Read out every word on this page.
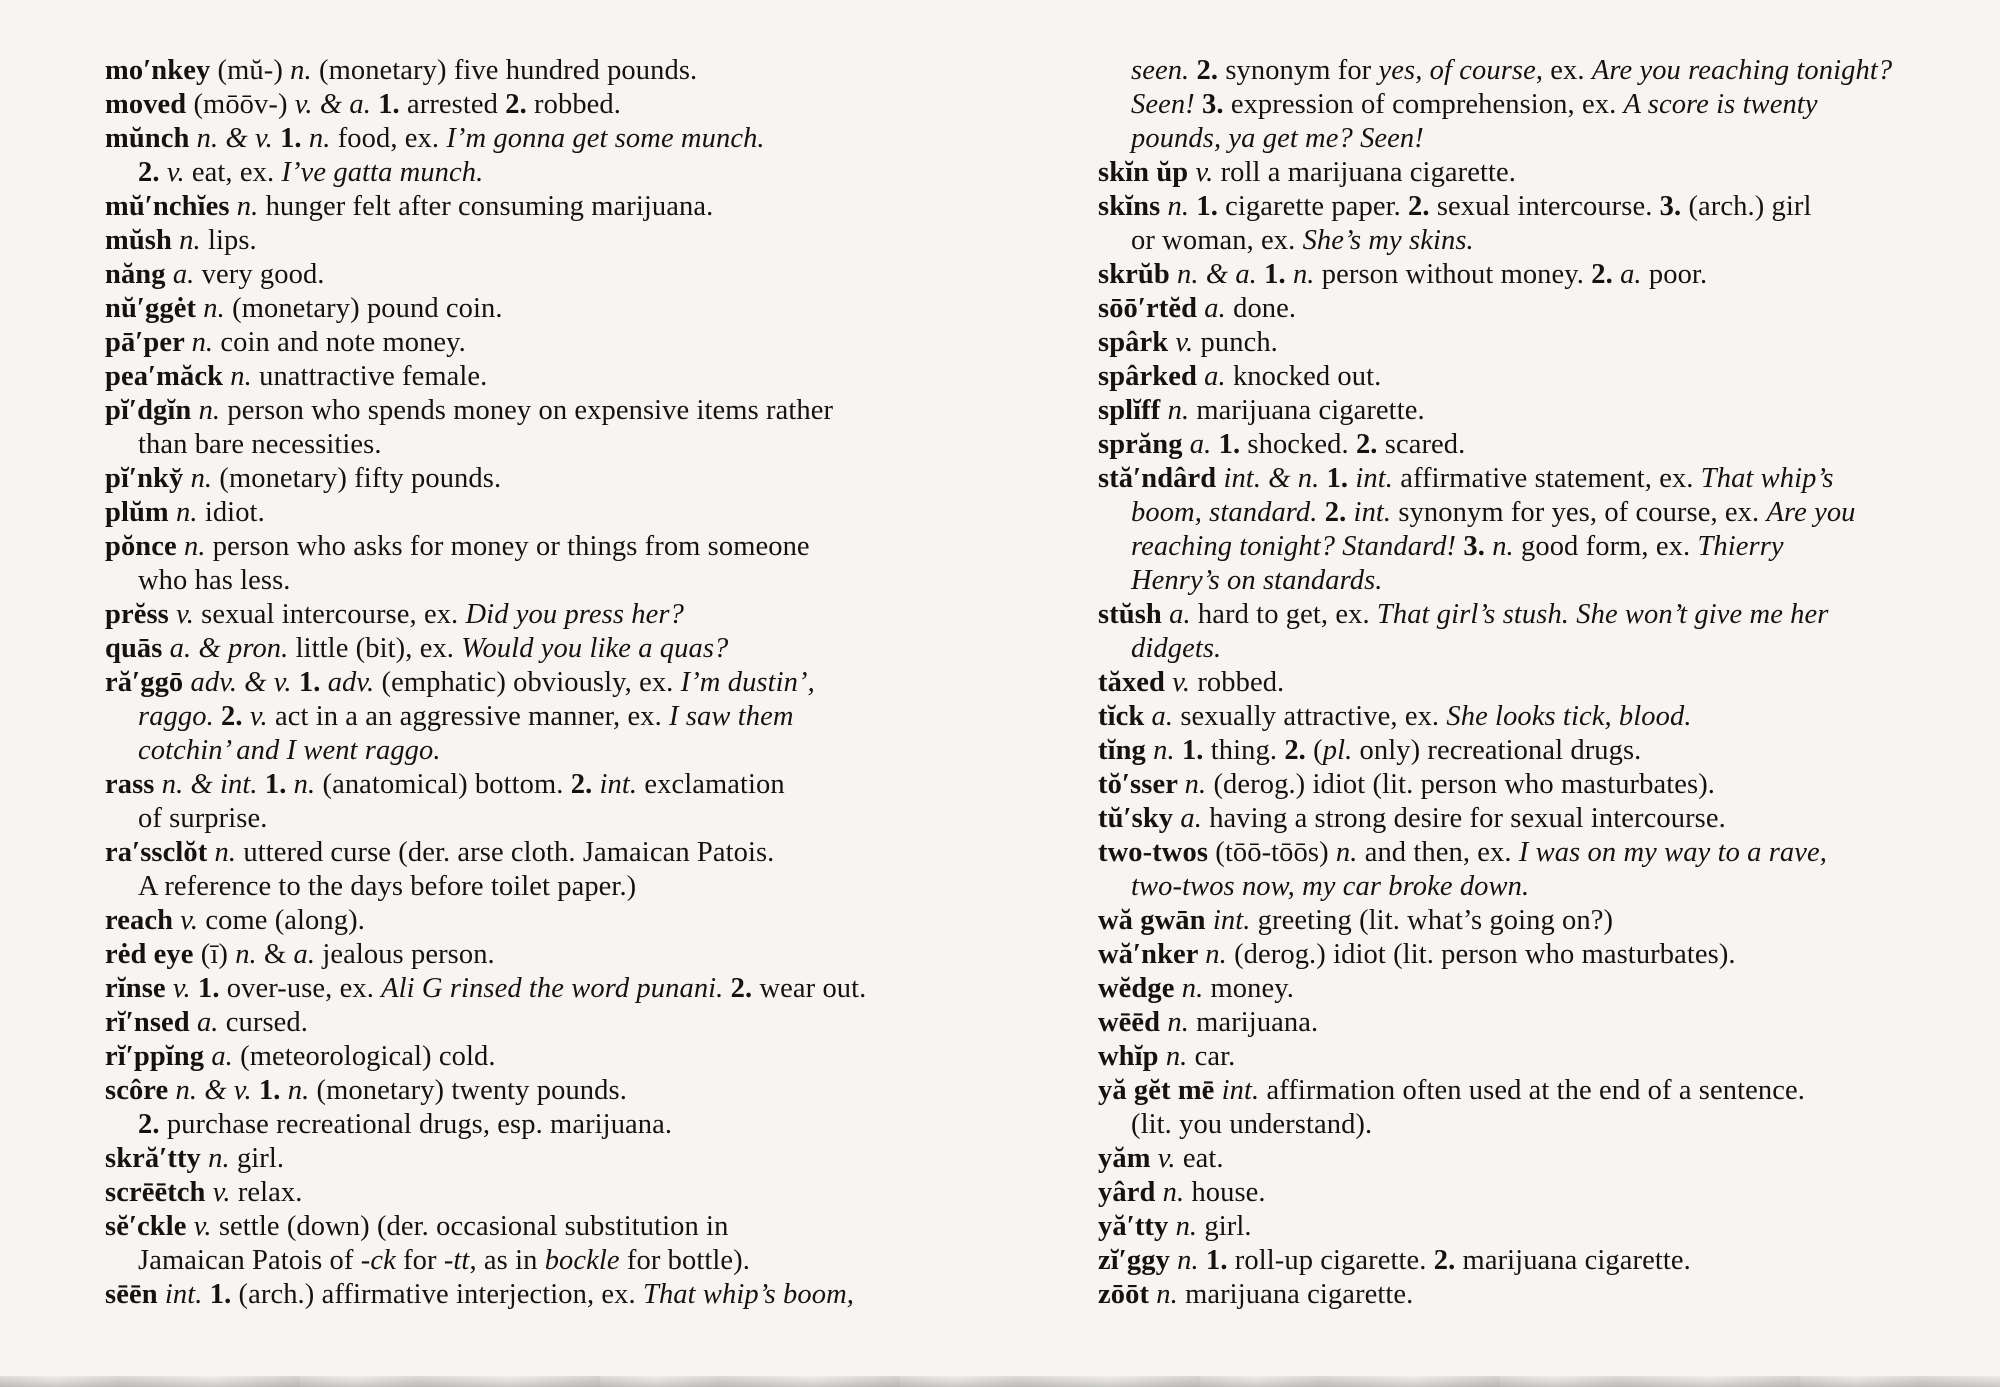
mo′nkey (mŭ-) n. (monetary) five hundred pounds.

moved (mōōv-) v. & a. 1. arrested 2. robbed.

mŭnch n. & v. 1. n. food, ex. I’m gonna get some munch.
2. v. eat, ex. I’ve gatta munch.

mŭ′nchĭes n. hunger felt after consuming marijuana.

mŭsh n. lips.

năng a. very good.

nŭ′ggėt n. (monetary) pound coin.

pā′per n. coin and note money.

pea′măck n. unattractive female.

pĭ′dgĭn n. person who spends money on expensive items rather
than bare necessities.

pĭ′nky̆ n. (monetary) fifty pounds.

plŭm n. idiot.

pŏnce n. person who asks for money or things from someone
who has less.

prĕss v. sexual intercourse, ex. Did you press her?

quās a. & pron. little (bit), ex. Would you like a quas?

ră′ggō adv. & v. 1. adv. (emphatic) obviously, ex. I’m dustin’,
raggo. 2. v. act in a an aggressive manner, ex. I saw them
cotchin’ and I went raggo.

rass n. & int. 1. n. (anatomical) bottom. 2. int. exclamation
of surprise.

ra′ssclŏt n. uttered curse (der. arse cloth. Jamaican Patois.
A reference to the days before toilet paper.)

reach v. come (along).

rėd eye (ī) n. & a. jealous person.

rĭnse v. 1. over-use, ex. Ali G rinsed the word punani. 2. wear out.

rĭ′nsed a. cursed.

rĭ′ppĭng a. (meteorological) cold.

scôre n. & v. 1. n. (monetary) twenty pounds.
2. purchase recreational drugs, esp. marijuana.

skră′tty n. girl.

scrēētch v. relax.

sĕ′ckle v. settle (down) (der. occasional substitution in
Jamaican Patois of -ck for -tt, as in bockle for bottle).

sēēn int. 1. (arch.) affirmative interjection, ex. That whip’s boom,

seen. 2. synonym for yes, of course, ex. Are you reaching tonight?
Seen! 3. expression of comprehension, ex. A score is twenty
pounds, ya get me? Seen!

skĭn ŭp v. roll a marijuana cigarette.

skĭns n. 1. cigarette paper. 2. sexual intercourse. 3. (arch.) girl
or woman, ex. She’s my skins.

skrŭb n. & a. 1. n. person without money. 2. a. poor.

sōō′rtĕd a. done.

spârk v. punch.

spârked a. knocked out.

splĭff n. marijuana cigarette.

sprăng a. 1. shocked. 2. scared.

stă′ndârd int. & n. 1. int. affirmative statement, ex. That whip’s
boom, standard. 2. int. synonym for yes, of course, ex. Are you
reaching tonight? Standard! 3. n. good form, ex. Thierry
Henry’s on standards.

stŭsh a. hard to get, ex. That girl’s stush. She won’t give me her
didgets.

tăxed v. robbed.

tĭck a. sexually attractive, ex. She looks tick, blood.

tĭng n. 1. thing. 2. (pl. only) recreational drugs.

tŏ′sser n. (derog.) idiot (lit. person who masturbates).

tŭ′sky a. having a strong desire for sexual intercourse.

two-twos (tōō-tōōs) n. and then, ex. I was on my way to a rave,
two-twos now, my car broke down.

wă gwān int. greeting (lit. what’s going on?)

wă′nker n. (derog.) idiot (lit. person who masturbates).

wĕdge n. money.

wēēd n. marijuana.

whĭp n. car.

yă gĕt mē int. affirmation often used at the end of a sentence.
(lit. you understand).

yăm v. eat.

yârd n. house.

yă′tty n. girl.

zĭ′ggy n. 1. roll-up cigarette. 2. marijuana cigarette.

zōōt n. marijuana cigarette.
